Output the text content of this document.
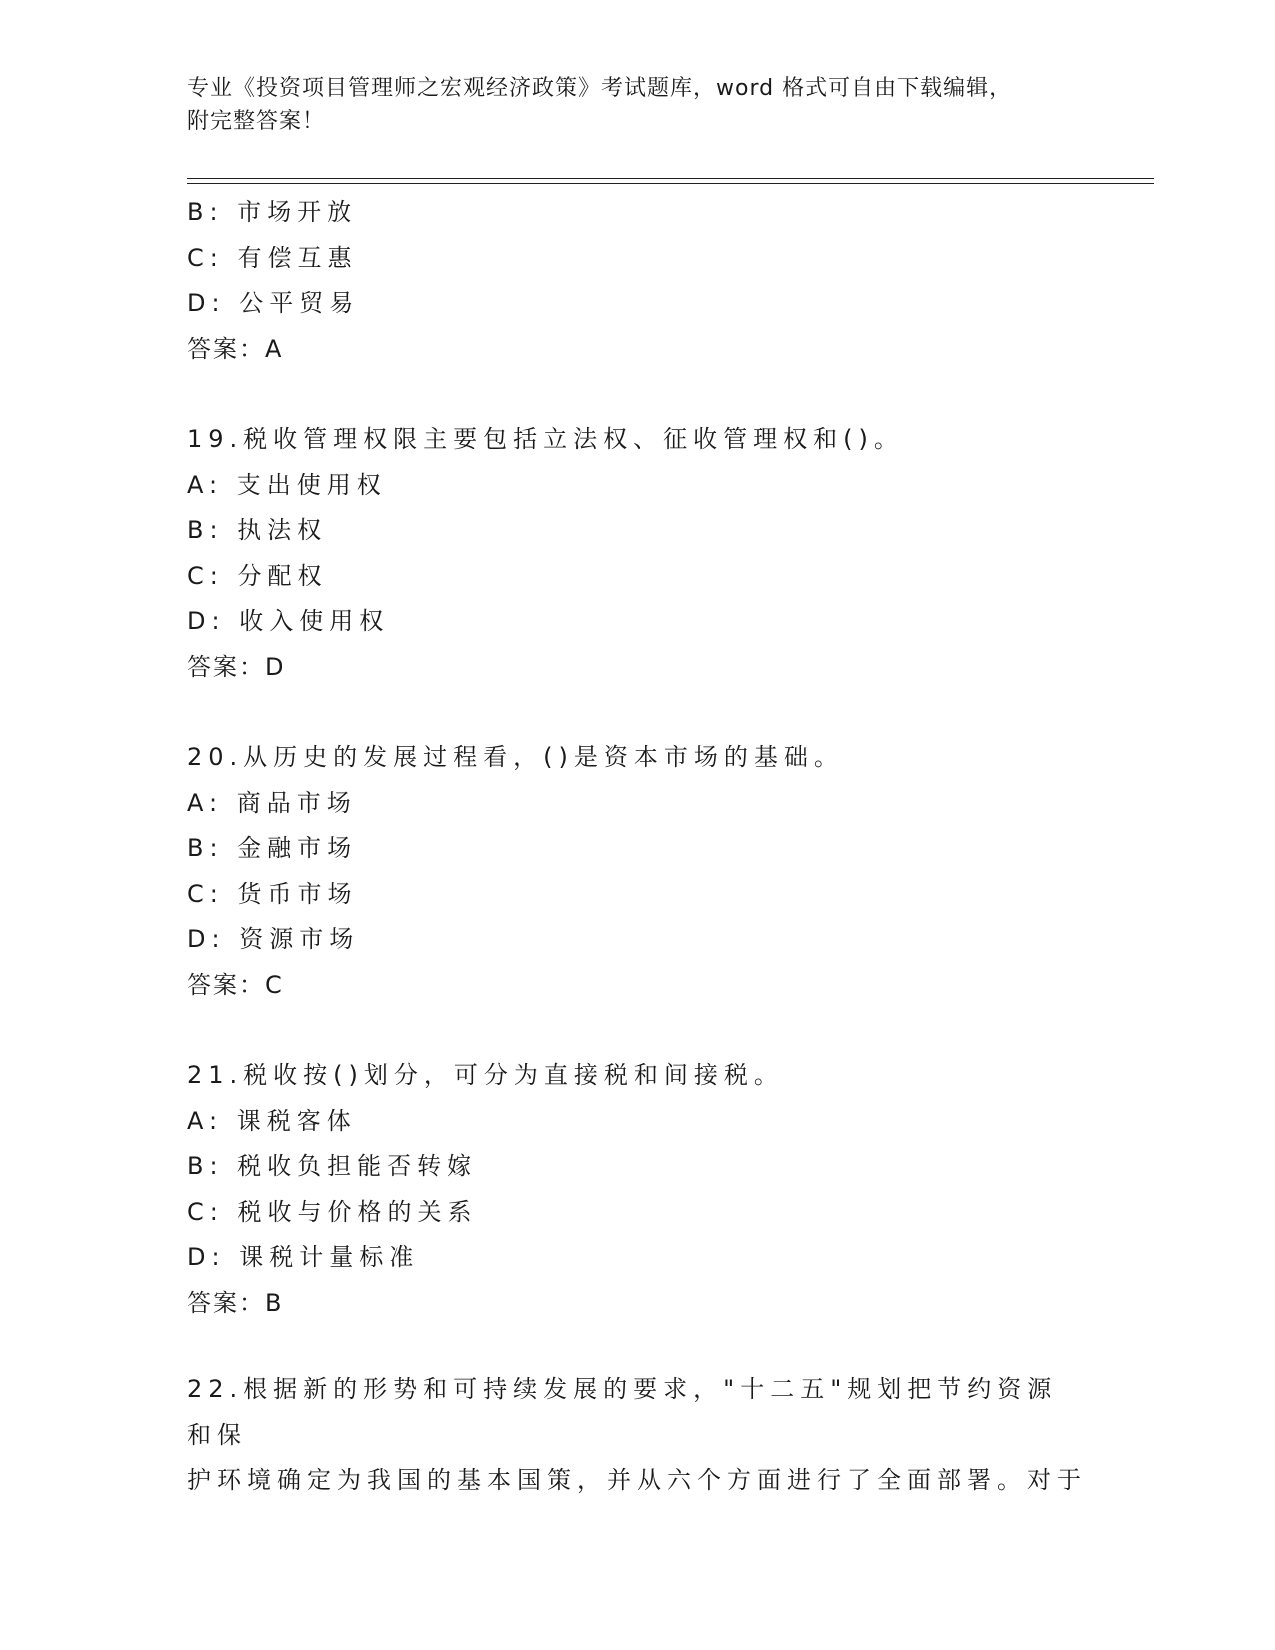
专业《投资项目管理师之宏观经济政策》考试题库，word 格式可自由下载编辑，
附完整答案！
B: 市场开放
C: 有偿互惠
D: 公平贸易
答案：A
19.税收管理权限主要包括立法权、征收管理权和()。
A: 支出使用权
B: 执法权
C: 分配权
D: 收入使用权
答案：D
20.从历史的发展过程看，()是资本市场的基础。
A: 商品市场
B: 金融市场
C: 货币市场
D: 资源市场
答案：C
21.税收按()划分，可分为直接税和间接税。
A: 课税客体
B: 税收负担能否转嫁
C: 税收与价格的关系
D: 课税计量标准
答案：B
22.根据新的形势和可持续发展的要求，"十二五"规划把节约资源和保
护环境确定为我国的基本国策，并从六个方面进行了全面部署。对于
